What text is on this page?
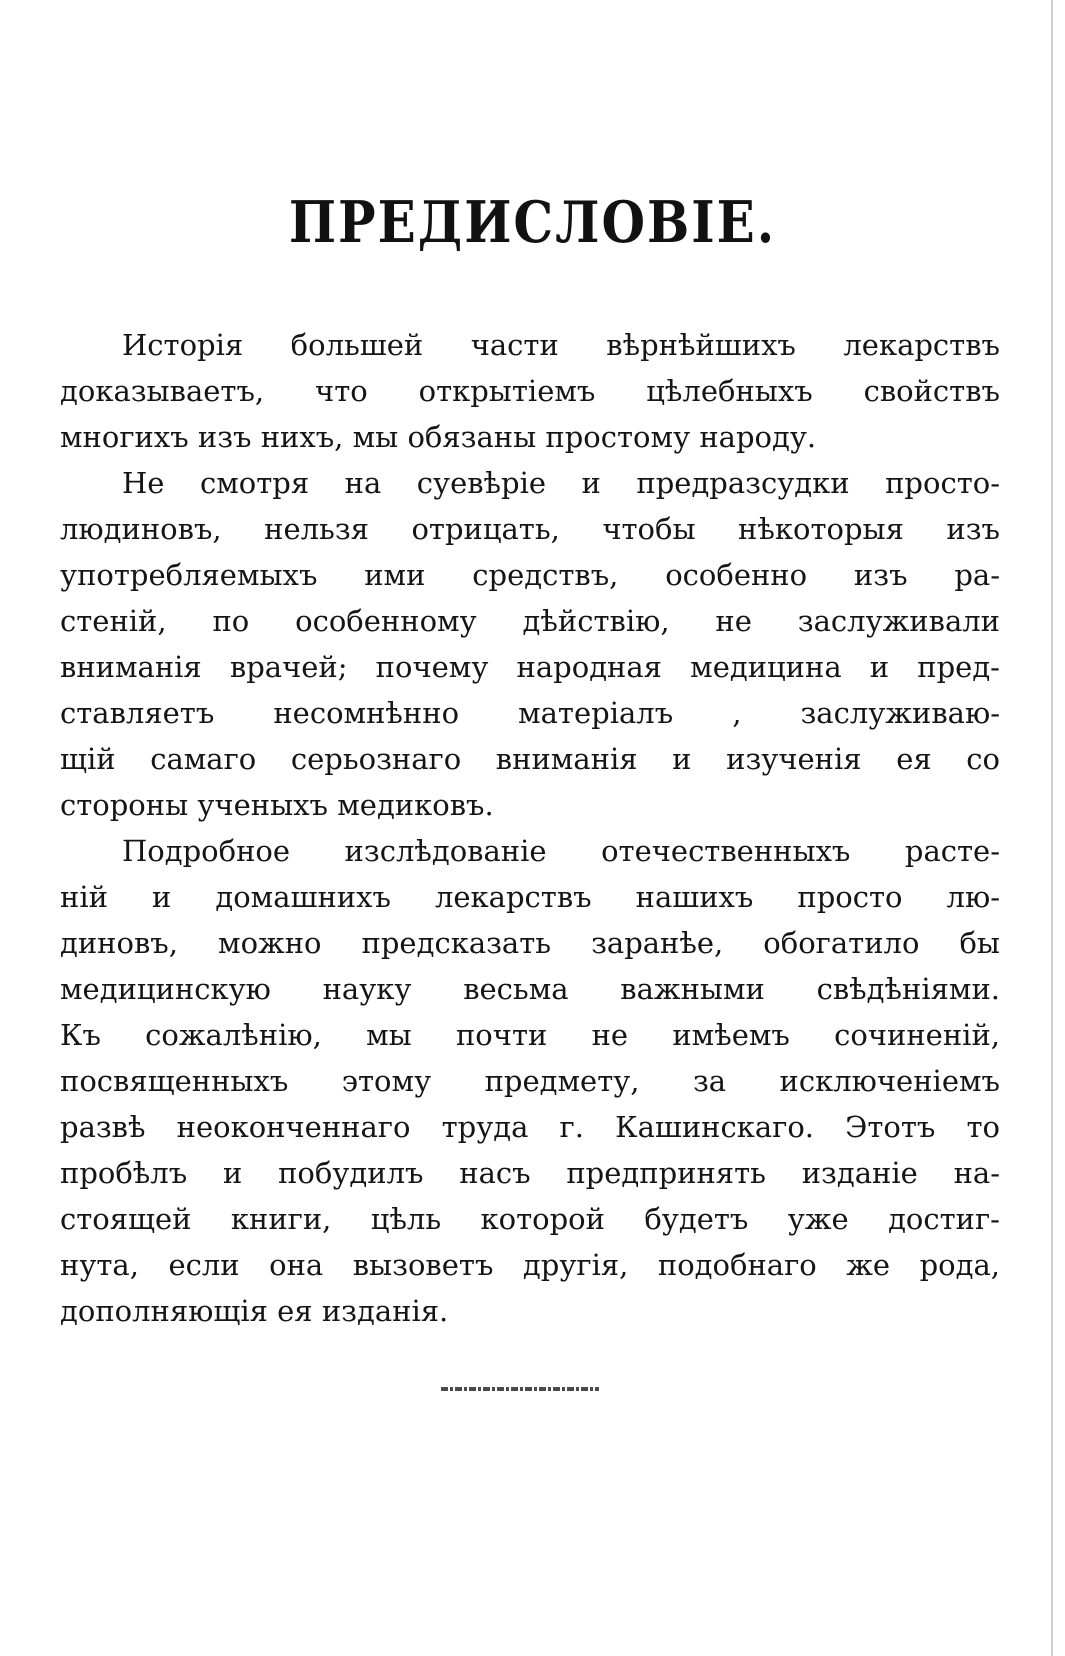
ПРЕДИСЛОВІЕ.
Исторія большей части вѣрнѣйшихъ лекарствъ
доказываетъ, что открытіемъ цѣлебныхъ свойствъ
многихъ изъ нихъ, мы обязаны простому народу.
Не смотря на суевѣріе и предразсудки просто-
людиновъ, нельзя отрицать, чтобы нѣкоторыя изъ
употребляемыхъ ими средствъ, особенно изъ ра-
стеній, по особенному дѣйствію, не заслуживали
вниманія врачей; почему народная медицина и пред-
ставляетъ несомнѣнно матеріалъ , заслуживаю-
щій самаго серьознаго вниманія и изученія ея со
стороны ученыхъ медиковъ.
Подробное изслѣдованіе отечественныхъ расте-
ній и домашнихъ лекарствъ нашихъ просто лю-
диновъ, можно предсказать заранѣе, обогатило бы
медицинскую науку весьма важными свѣдѣніями.
Къ сожалѣнію, мы почти не имѣемъ сочиненій,
посвященныхъ этому предмету, за исключеніемъ
развѣ неоконченнаго труда г. Кашинскаго. Этотъ то
пробѣлъ и побудилъ насъ предпринять изданіе на-
стоящей книги, цѣль которой будетъ уже достиг-
нута, если она вызоветъ другія, подобнаго же рода,
дополняющія ея изданія.
